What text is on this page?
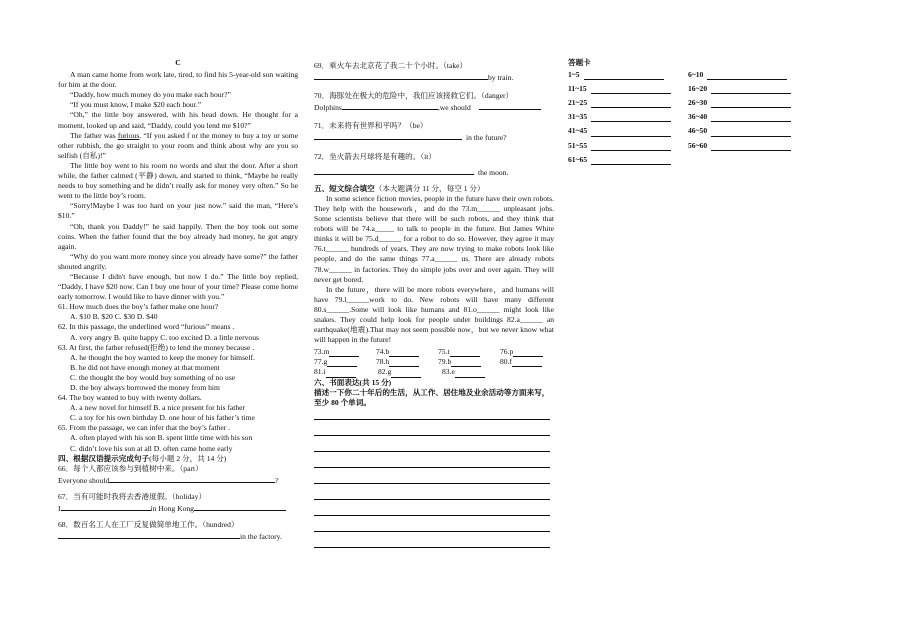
C

A man came home from work late, tired, to find his 5-year-old son waiting for him at the door.

“Daddy, how much money do you make each hour?”

“If you must know, I make $20 each hour.”

“Oh,” the little boy answered, with his head down. He thought for a moment, looked up and said, “Daddy, could you lend me $10?”

The father was furious. “If you asked f or the money to buy a toy or some other rubbish, the go straight to your room and think about why are you so selfish (自私)!”

The little boy went to his room no words and shut the door. After a short while, the father calmed (平静) down, and started to think, “Maybe he really needs to buy something and he didn’t really ask for money very often.” So he went to the little boy’s room.

“Sorry!Maybe I was too hard on your just now.” said the man, “Here’s $10.”

“Oh, thank you Daddy!” he said happily. Then the boy took out some coins. When the father found that the boy already had money, he got angry again.

“Why do you want more money since you already have some?” the father shouted angrily.

“Because I didn't have enough, but now I do.” The little boy replied, “Daddy, I have $20 now. Can I buy one hour of your time? Please come home early tomorrow. I would like to have dinner with you.”

61. How much does the boy’s father make one hour?

A. $10 B. $20 C. $30 D. $40

62. In this passage, the underlined word “furious” means .

A. very angry B. quite happy C. too excited D. a little nervous

63. At first, the father refused(拒绝) to lend the money because .

A. he thought the boy wanted to keep the money for himself.

B. he did not have enough money at that moment

C. the thought the boy would buy something of no use

D. the boy always borrowed the money from him

64. The boy wanted to buy with twenty dollars.

A. a new novel for himself B. a nice present for his father

C. a toy for his own birthday D. one hour of his father’s time

65. From the passage, we can infer that the boy’s father .

A. often played with his son B. spent little time with his son

C. didn’t love his son at all D. often came home early

四、根据汉语提示完成句子(每小题 2 分，共 14 分)

66．每个人都应该参与到植树中来。（part）

Everyone should	?

67．当有可能时我将去香港度假。（holiday）

I	in Hong Kong

68．数百名工人在工厂反复做简单地工作。（hundred）

in the factory.

69．乘火车去北京花了我二十个小时。（take）

by train.

70．海豚处在极大的危险中，我们应该接救它们。（danger）

Dolphins	,we should

71．未来将有世界和平吗？（be）

in the future?

72．坐火箭去月球将是有趣的。（it）

the moon.

五、短文综合填空（本大题满分 11 分，每空 1 分）

In some science fiction movies, people in the future have their own robots. They help with the housework，and do the 73.m______ unpleasant jobs. Some scientists believe that there will be such robots, and they think that robots will be 74.a_____ to talk to people in the future. But James White thinks it will be 75.d______ for a robot to do so. However, they agree it may 76.t______ hundreds of years. They are now trying to make robots look like people, and do the same things 77.a______ us. There are already robots 78.w______ in factories. They do simple jobs over and over again. They will never get bored.

In the future，there will be more robots everywhere，and humans will have 79.l______work to do. New robots will have many different 80.s______.Some will look like humans and 81.o______ might look like snakes. They could help look for people under buildings 82.a______ an earthquake(地震).That may not seem possible now，but we never know what will happen in the future!

73.m	74.b	75.t	76.p
77.g	78.h	79.b	80.f
81.i	82.g	83.e

六、书面表达(共 15 分)

描述一下你二十年后的生活，从工作、居住地及业余活动等方面来写，至少 80 个单词。

答题卡

1~5	6~10
11~15	16~20
21~25	26~30
31~35	36~40
41~45	46~50
51~55	56~60
61~65
